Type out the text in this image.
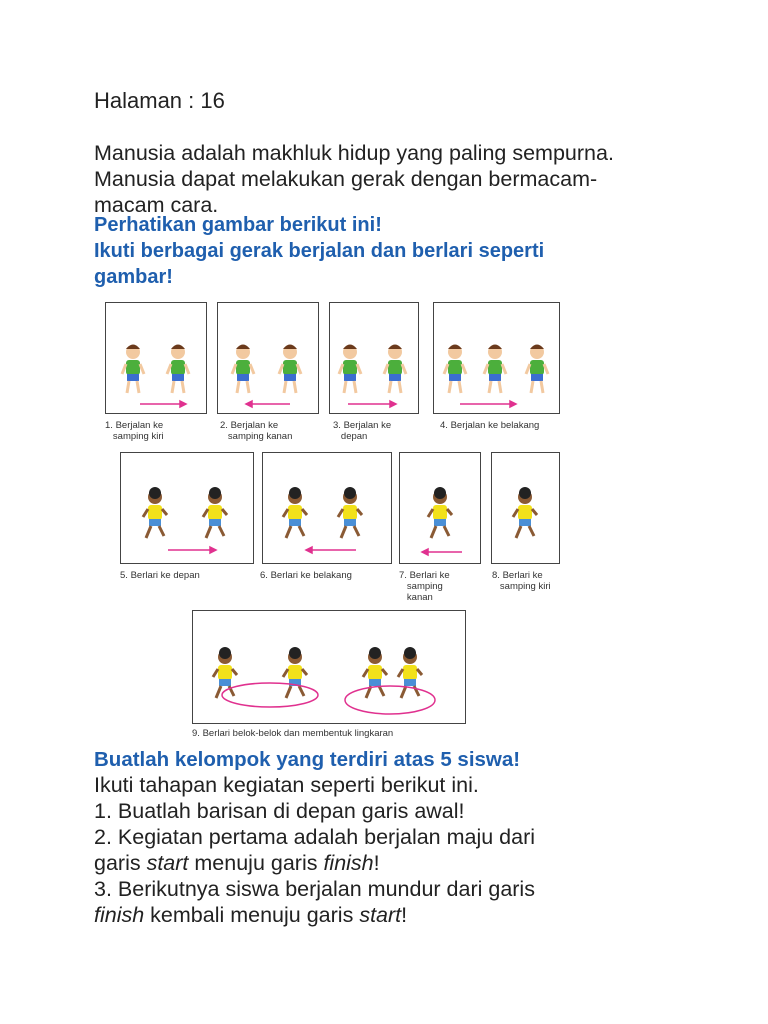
Halaman : 16
Manusia adalah makhluk hidup yang paling sempurna.
Manusia dapat melakukan gerak dengan bermacam-
macam cara.
Perhatikan gambar berikut ini!
Ikuti berbagai gerak berjalan dan berlari seperti
gambar!
1. Berjalan ke
samping kiri
2. Berjalan ke
samping kanan
3. Berjalan ke
depan
4. Berjalan ke belakang
5. Berlari ke depan	6. Berlari ke belakang	7. Berlari ke
samping
kanan
8. Berlari ke
samping kiri
9. Berlari belok-belok dan membentuk lingkaran
Buatlah kelompok yang terdiri atas 5 siswa!

Ikuti tahapan kegiatan seperti berikut ini.

1. Buatlah barisan di depan garis awal!

2. Kegiatan pertama adalah berjalan maju dari

garis start menuju garis finish!

3. Berikutnya siswa berjalan mundur dari garis

finish kembali menuju garis start!
